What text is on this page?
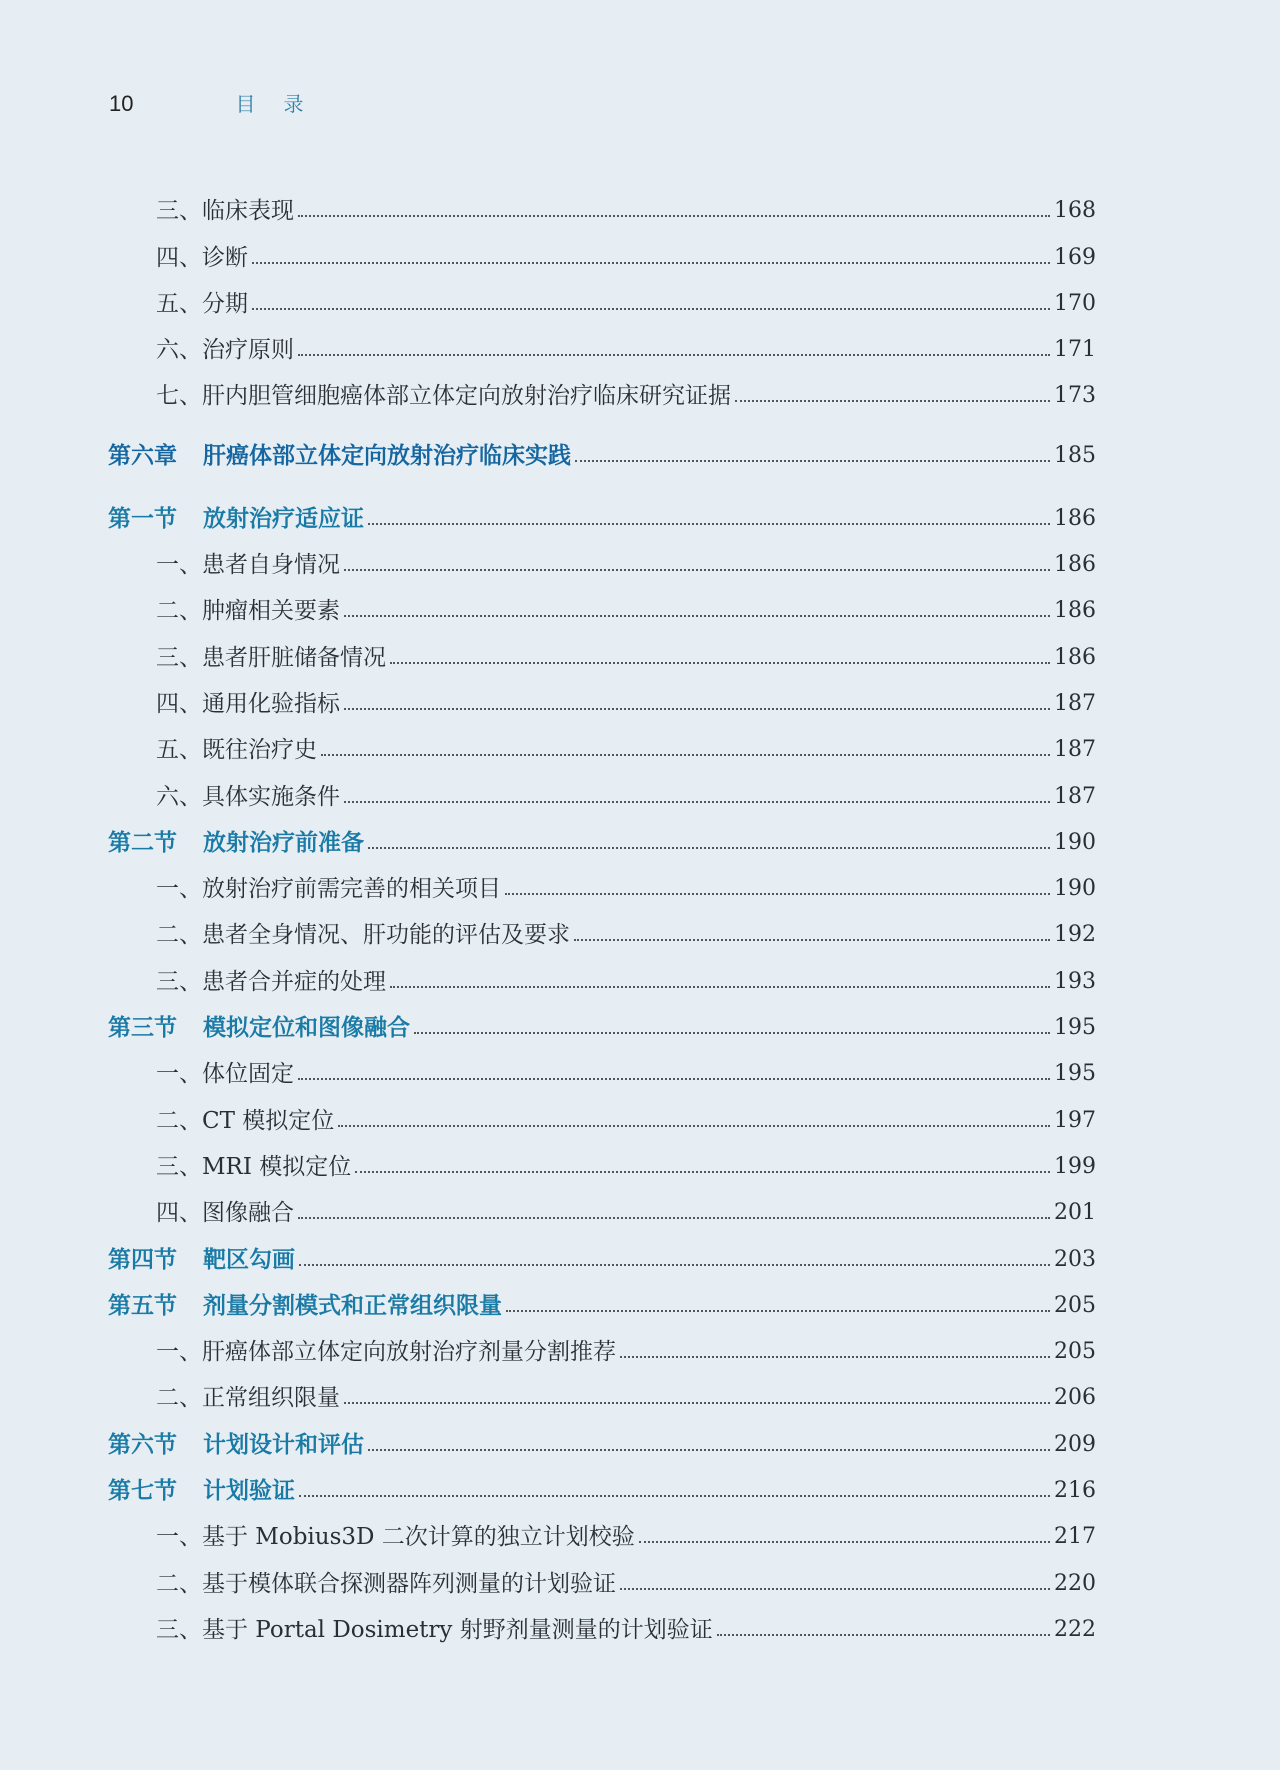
10	目录
三、临床表现	168
四、诊断	169
五、分期	170
六、治疗原则	171
七、肝内胆管细胞癌体部立体定向放射治疗临床研究证据	173
第六章 肝癌体部立体定向放射治疗临床实践	185
第一节 放射治疗适应证	186
一、患者自身情况	186
二、肿瘤相关要素	186
三、患者肝脏储备情况	186
四、通用化验指标	187
五、既往治疗史	187
六、具体实施条件	187
第二节 放射治疗前准备	190
一、放射治疗前需完善的相关项目	190
二、患者全身情况、肝功能的评估及要求	192
三、患者合并症的处理	193
第三节 模拟定位和图像融合	195
一、体位固定	195
二、CT 模拟定位	197
三、MRI 模拟定位	199
四、图像融合	201
第四节 靶区勾画	203
第五节 剂量分割模式和正常组织限量	205
一、肝癌体部立体定向放射治疗剂量分割推荐	205
二、正常组织限量	206
第六节 计划设计和评估	209
第七节 计划验证	216
一、基于 Mobius3D 二次计算的独立计划校验	217
二、基于模体联合探测器阵列测量的计划验证	220
三、基于 Portal Dosimetry 射野剂量测量的计划验证	222
